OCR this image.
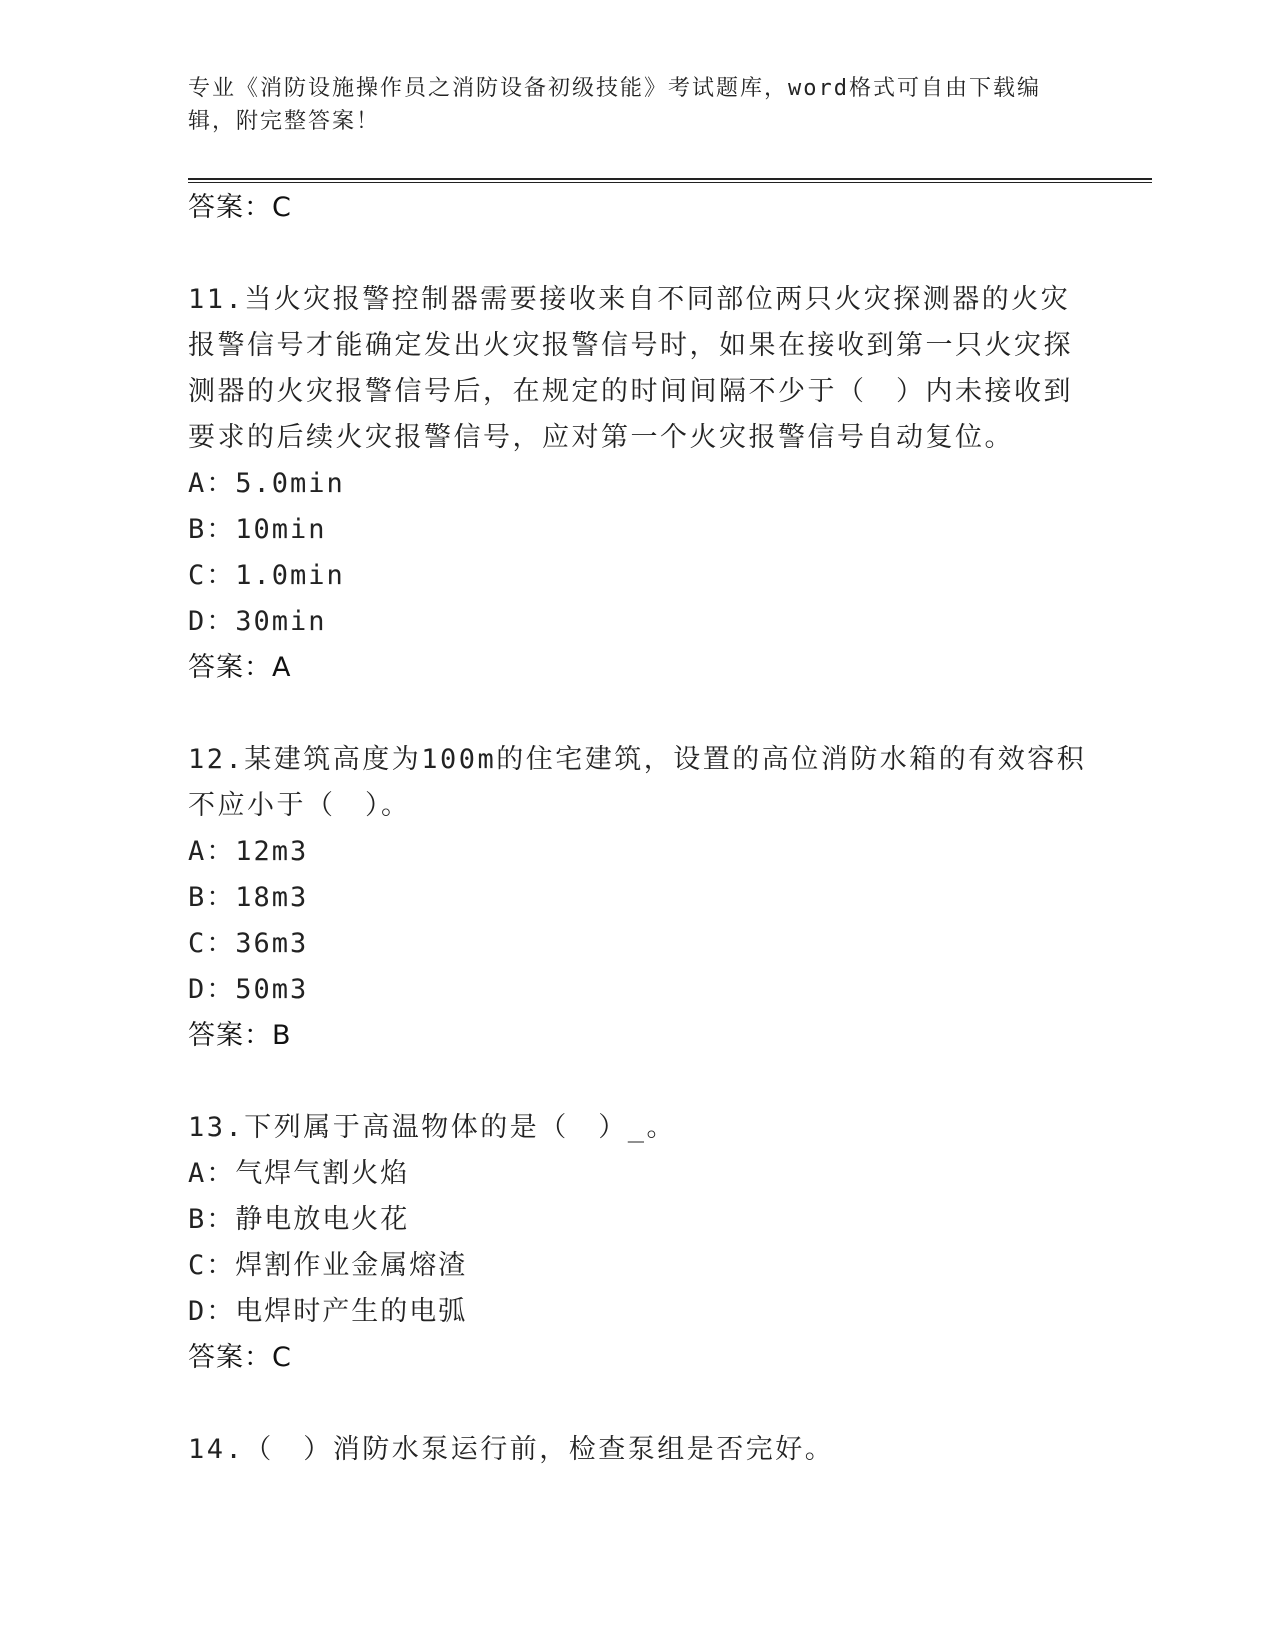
专业《消防设施操作员之消防设备初级技能》考试题库，word格式可自由下载编辑，附完整答案！
答案：C
11.当火灾报警控制器需要接收来自不同部位两只火灾探测器的火灾报警信号才能确定发出火灾报警信号时，如果在接收到第一只火灾探测器的火灾报警信号后，在规定的时间间隔不少于（　）内未接收到要求的后续火灾报警信号，应对第一个火灾报警信号自动复位。
A：5.0min
B：10min
C：1.0min
D：30min
答案：A
12.某建筑高度为100m的住宅建筑，设置的高位消防水箱的有效容积不应小于（　）。
A：12m3
B：18m3
C：36m3
D：50m3
答案：B
13.下列属于高温物体的是（　）_。
A：气焊气割火焰
B：静电放电火花
C：焊割作业金属熔渣
D：电焊时产生的电弧
答案：C
14.（　）消防水泵运行前，检查泵组是否完好。
